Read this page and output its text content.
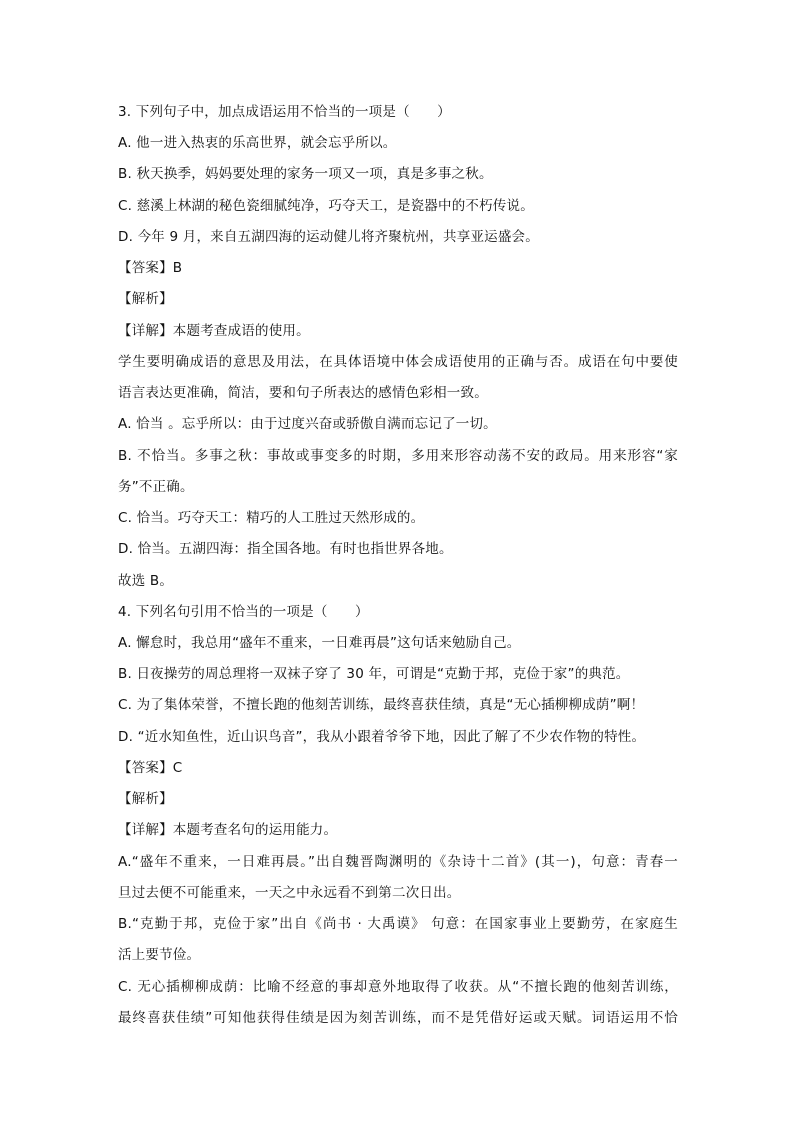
3. 下列句子中，加点成语运用不恰当的一项是（　　）
A. 他一进入热衷的乐高世界，就会忘乎所以。
B. 秋天换季，妈妈要处理的家务一项又一项，真是多事之秋。
C. 慈溪上林湖的秘色瓷细腻纯净，巧夺天工，是瓷器中的不朽传说。
D. 今年 9 月，来自五湖四海的运动健儿将齐聚杭州，共享亚运盛会。
【答案】B
【解析】
【详解】本题考查成语的使用。
学生要明确成语的意思及用法，在具体语境中体会成语使用的正确与否。成语在句中要使
语言表达更准确，简洁，要和句子所表达的感情色彩相一致。
A. 恰当 。忘乎所以：由于过度兴奋或骄傲自满而忘记了一切。
B. 不恰当。多事之秋：事故或事变多的时期，多用来形容动荡不安的政局。用来形容“家
务”不正确。
C. 恰当。巧夺天工：精巧的人工胜过天然形成的。
D. 恰当。五湖四海：指全国各地。有时也指世界各地。
故选 B。
4. 下列名句引用不恰当的一项是（　　）
A. 懈怠时，我总用“盛年不重来，一日难再晨”这句话来勉励自己。
B. 日夜操劳的周总理将一双袜子穿了 30 年，可谓是“克勤于邦，克俭于家”的典范。
C. 为了集体荣誉，不擅长跑的他刻苦训练，最终喜获佳绩，真是“无心插柳柳成荫”啊！
D. “近水知鱼性，近山识鸟音”，我从小跟着爷爷下地，因此了解了不少农作物的特性。
【答案】C
【解析】
【详解】本题考查名句的运用能力。
A.“盛年不重来，一日难再晨。”出自魏晋陶渊明的《杂诗十二首》(其一)，句意：青春一
旦过去便不可能重来，一天之中永远看不到第二次日出。
B.“克勤于邦，克俭于家”出自《尚书 · 大禹谟》 句意：在国家事业上要勤劳，在家庭生
活上要节俭。
C. 无心插柳柳成荫：比喻不经意的事却意外地取得了收获。从“不擅长跑的他刻苦训练，
最终喜获佳绩”可知他获得佳绩是因为刻苦训练，而不是凭借好运或天赋。词语运用不恰
